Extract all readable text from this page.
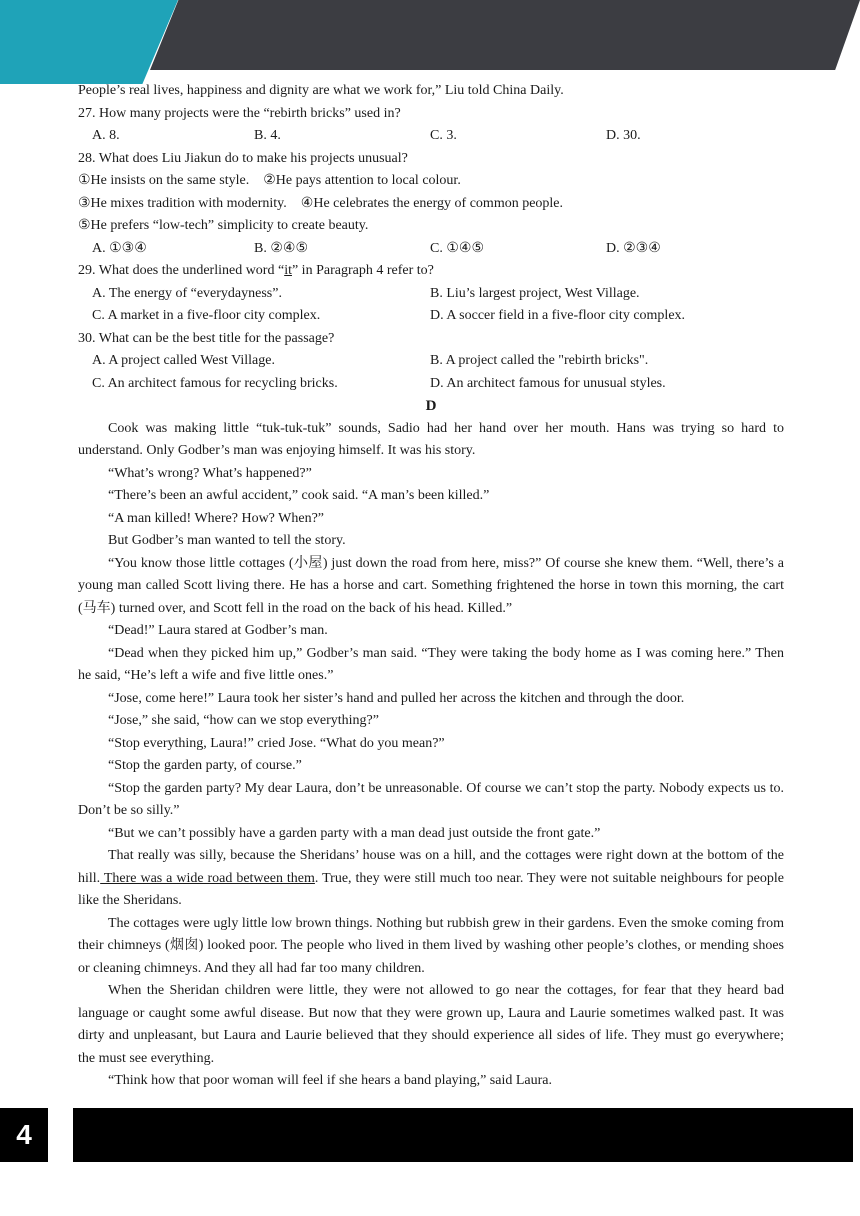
People’s real lives, happiness and dignity are what we work for,” Liu told China Daily.

27. How many projects were the “rebirth bricks” used in?

A. 8.	B. 4.	C. 3.	D. 30.

28. What does Liu Jiakun do to make his projects unusual?

①He insists on the same style.    ②He pays attention to local colour.

③He mixes tradition with modernity.    ④He celebrates the energy of common people.

⑤He prefers “low-tech” simplicity to create beauty.

A. ①③④	B. ②④⑤	C. ①④⑤	D. ②③④

29. What does the underlined word “it” in Paragraph 4 refer to?

A. The energy of “everydayness”.	B. Liu’s largest project, West Village.
C. A market in a five-floor city complex.	D. A soccer field in a five-floor city complex.

30. What can be the best title for the passage?

A. A project called West Village.	B. A project called the "rebirth bricks".
C. An architect famous for recycling bricks.	D. An architect famous for unusual styles.
D

Cook was making little “tuk-tuk-tuk” sounds, Sadio had her hand over her mouth. Hans was trying so hard to understand. Only Godber’s man was enjoying himself. It was his story.

“What’s wrong? What’s happened?”

“There’s been an awful accident,” cook said. “A man’s been killed.”

“A man killed! Where? How? When?”

But Godber’s man wanted to tell the story.

“You know those little cottages (小屋) just down the road from here, miss?” Of course she knew them. “Well, there’s a young man called Scott living there. He has a horse and cart. Something frightened the horse in town this morning, the cart (马车) turned over, and Scott fell in the road on the back of his head. Killed.”

“Dead!” Laura stared at Godber’s man.

“Dead when they picked him up,” Godber’s man said. “They were taking the body home as I was coming here.” Then he said, “He’s left a wife and five little ones.”

“Jose, come here!” Laura took her sister’s hand and pulled her across the kitchen and through the door.

“Jose,” she said, “how can we stop everything?”

“Stop everything, Laura!” cried Jose. “What do you mean?”

“Stop the garden party, of course.”

“Stop the garden party? My dear Laura, don’t be unreasonable. Of course we can’t stop the party. Nobody expects us to. Don’t be so silly.”

“But we can’t possibly have a garden party with a man dead just outside the front gate.”

That really was silly, because the Sheridans’ house was on a hill, and the cottages were right down at the bottom of the hill. There was a wide road between them. True, they were still much too near. They were not suitable neighbours for people like the Sheridans.

The cottages were ugly little low brown things. Nothing but rubbish grew in their gardens. Even the smoke coming from their chimneys (烟囱) looked poor. The people who lived in them lived by washing other people’s clothes, or mending shoes or cleaning chimneys. And they all had far too many children.

When the Sheridan children were little, they were not allowed to go near the cottages, for fear that they heard bad language or caught some awful disease. But now that they were grown up, Laura and Laurie sometimes walked past. It was dirty and unpleasant, but Laura and Laurie believed that they should experience all sides of life. They must go everywhere; the must see everything.

“Think how that poor woman will feel if she hears a band playing,” said Laura.

4
